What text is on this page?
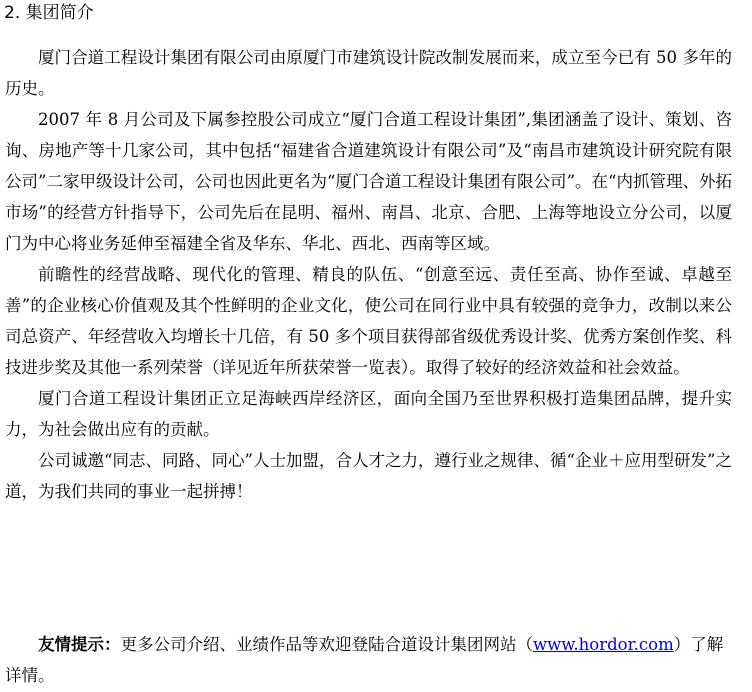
2. 集团简介

厦门合道工程设计集团有限公司由原厦门市建筑设计院改制发展而来，成立至今已有 50 多年的历史。

2007 年 8 月公司及下属参控股公司成立“厦门合道工程设计集团”,集团涵盖了设计、策划、咨询、房地产等十几家公司，其中包括“福建省合道建筑设计有限公司”及“南昌市建筑设计研究院有限公司”二家甲级设计公司，公司也因此更名为“厦门合道工程设计集团有限公司”。在“内抓管理、外拓市场”的经营方针指导下，公司先后在昆明、福州、南昌、北京、合肥、上海等地设立分公司，以厦门为中心将业务延伸至福建全省及华东、华北、西北、西南等区域。

前瞻性的经营战略、现代化的管理、精良的队伍、“创意至远、责任至高、协作至诚、卓越至善”的企业核心价值观及其个性鲜明的企业文化，使公司在同行业中具有较强的竞争力，改制以来公司总资产、年经营收入均增长十几倍，有 50 多个项目获得部省级优秀设计奖、优秀方案创作奖、科技进步奖及其他一系列荣誉（详见近年所获荣誉一览表）。取得了较好的经济效益和社会效益。

厦门合道工程设计集团正立足海峡西岸经济区，面向全国乃至世界积极打造集团品牌，提升实力，为社会做出应有的贡献。

公司诚邀“同志、同路、同心”人士加盟，合人才之力，遵行业之规律、循“企业＋应用型研发”之道，为我们共同的事业一起拼搏！

友情提示：更多公司介绍、业绩作品等欢迎登陆合道设计集团网站（www.hordor.com）了解详情。
